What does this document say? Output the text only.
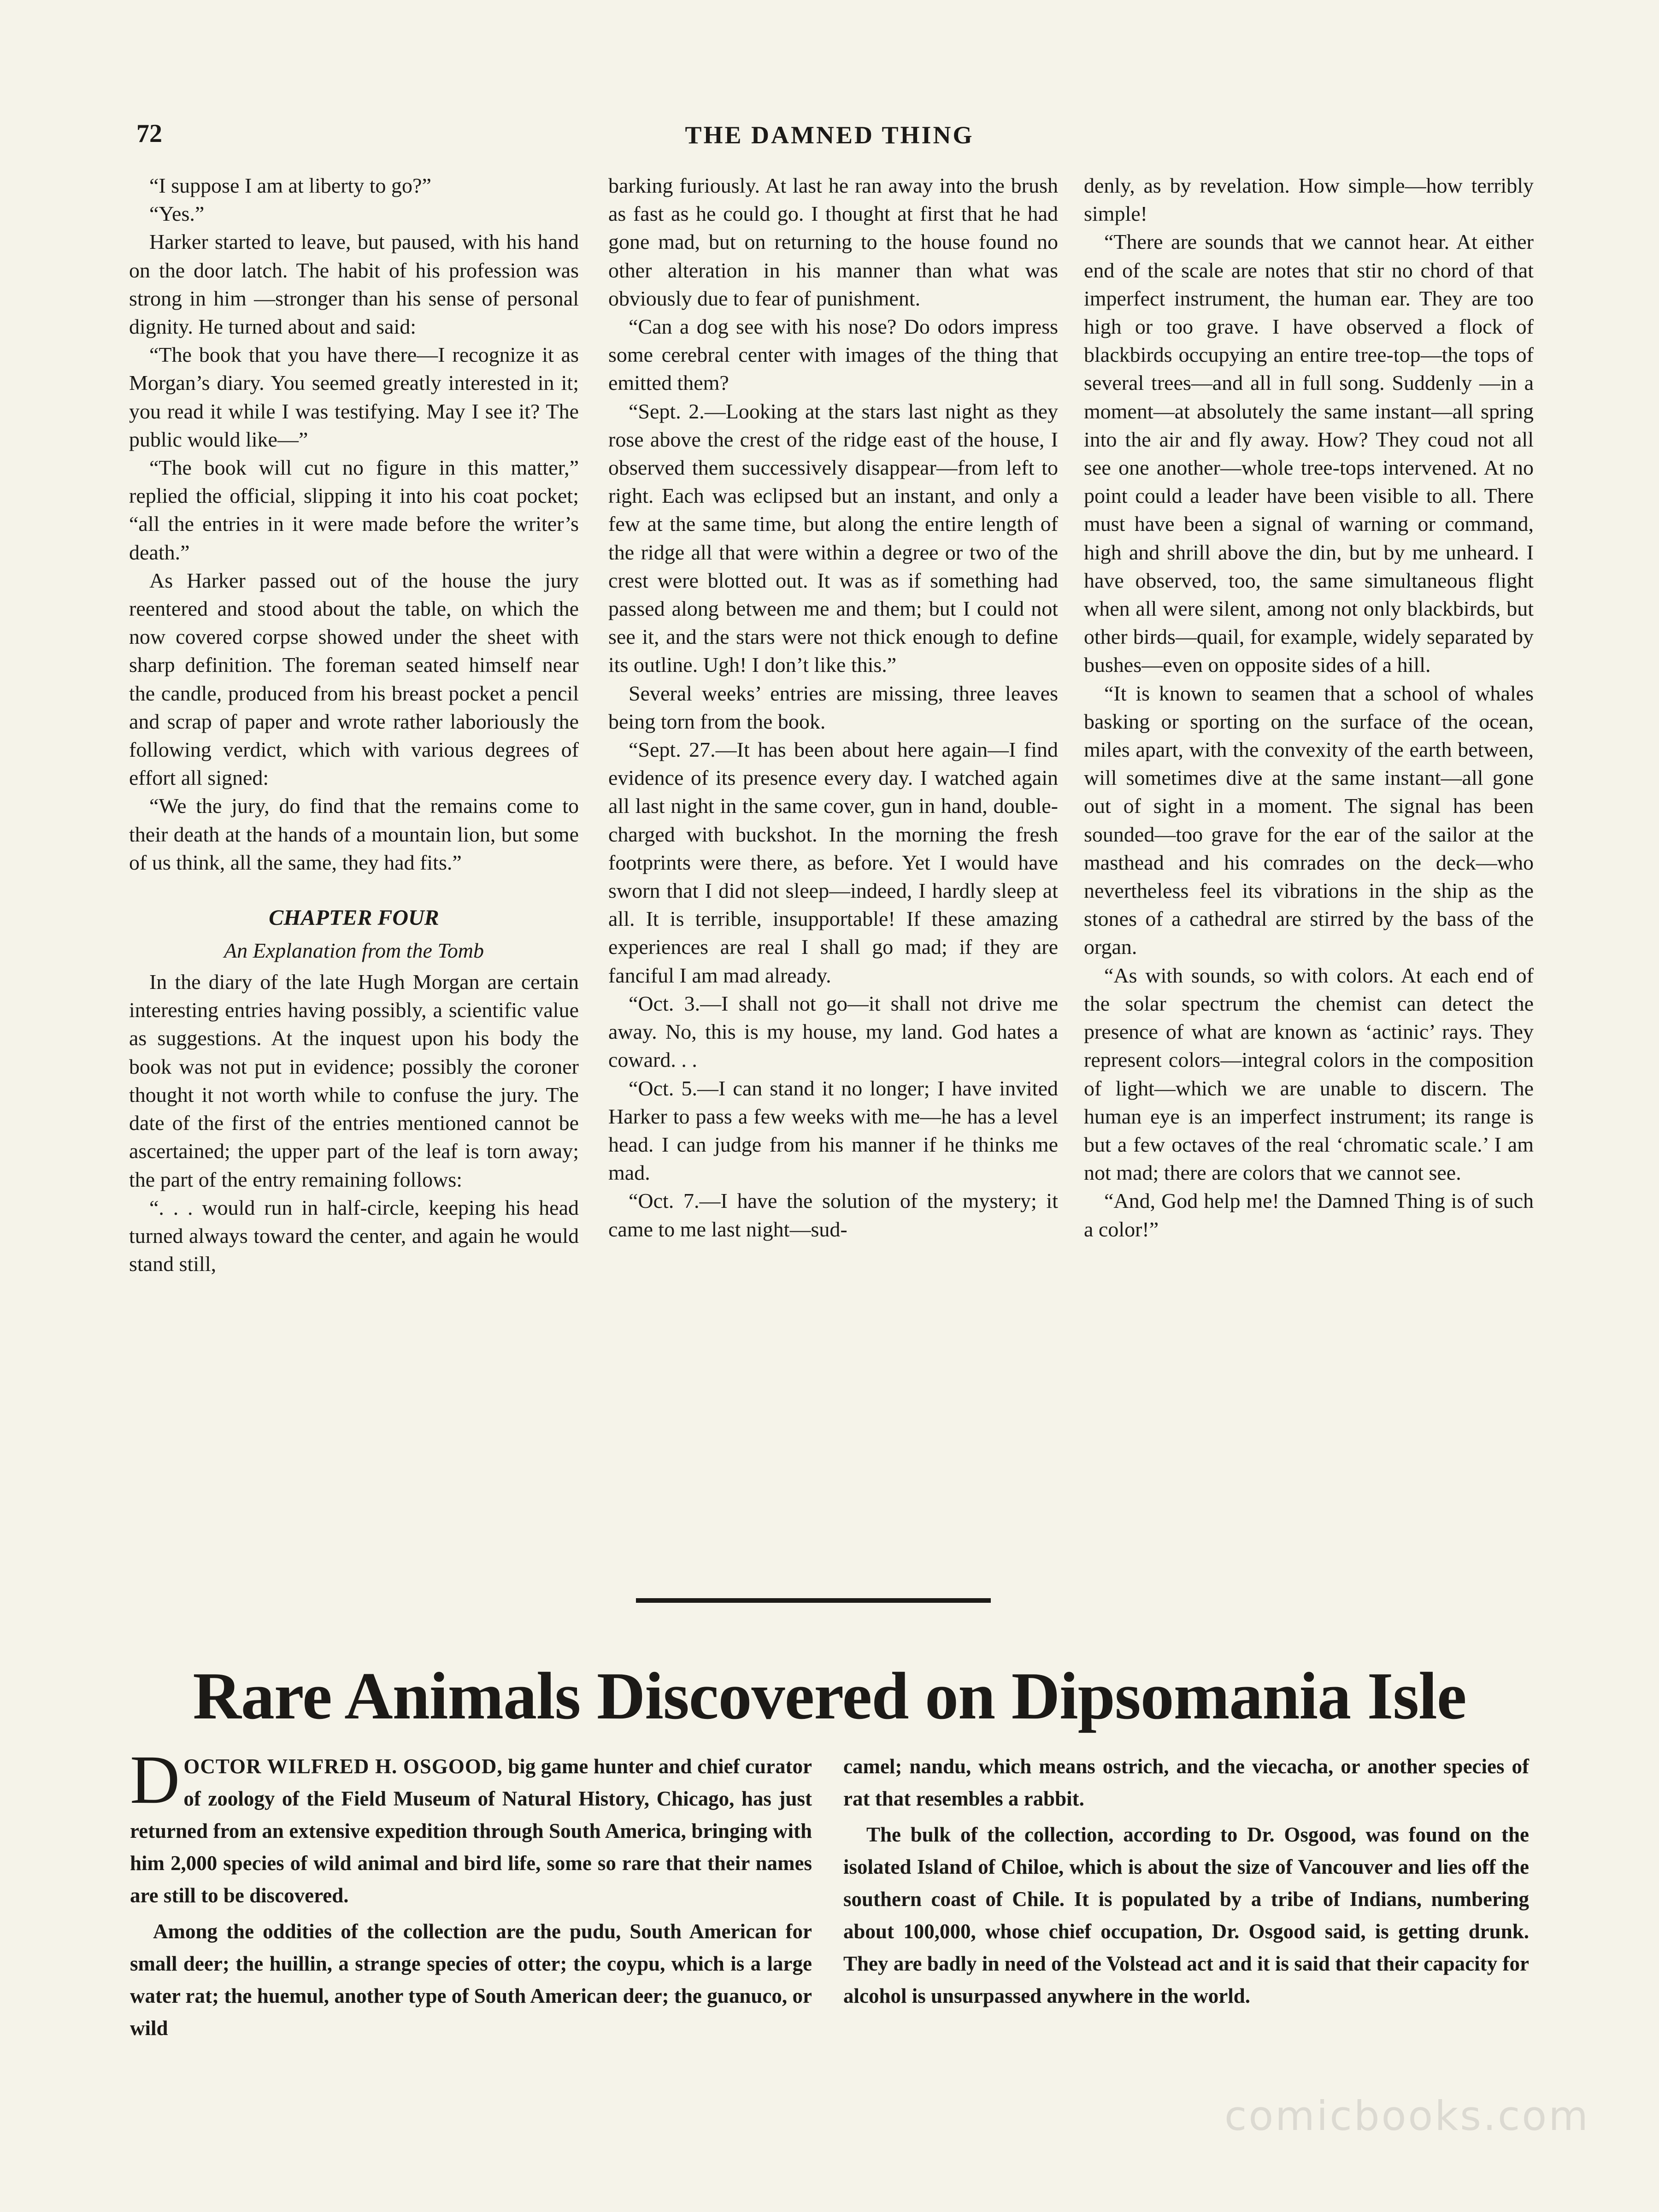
72	THE DAMNED THING

“I suppose I am at liberty to go?”

“Yes.”

Harker started to leave, but paused, with his hand on the door latch. The habit of his profession was strong in him —stronger than his sense of personal dignity. He turned about and said:

“The book that you have there—I recognize it as Morgan’s diary. You seemed greatly interested in it; you read it while I was testifying. May I see it? The public would like—”

“The book will cut no figure in this matter,” replied the official, slipping it into his coat pocket; “all the entries in it were made before the writer’s death.”

As Harker passed out of the house the jury reentered and stood about the table, on which the now covered corpse showed under the sheet with sharp definition. The foreman seated himself near the candle, produced from his breast pocket a pencil and scrap of paper and wrote rather laboriously the following verdict, which with various degrees of effort all signed:

“We the jury, do find that the remains come to their death at the hands of a mountain lion, but some of us think, all the same, they had fits.”

CHAPTER FOUR
An Explanation from the Tomb

In the diary of the late Hugh Morgan are certain interesting entries having possibly, a scientific value as suggestions. At the inquest upon his body the book was not put in evidence; possibly the coroner thought it not worth while to confuse the jury. The date of the first of the entries mentioned cannot be ascertained; the upper part of the leaf is torn away; the part of the entry remaining follows:

“. . . would run in half-circle, keeping his head turned always toward the center, and again he would stand still,

barking furiously. At last he ran away into the brush as fast as he could go. I thought at first that he had gone mad, but on returning to the house found no other alteration in his manner than what was obviously due to fear of punishment.

“Can a dog see with his nose? Do odors impress some cerebral center with images of the thing that emitted them?

“Sept. 2.—Looking at the stars last night as they rose above the crest of the ridge east of the house, I observed them successively disappear—from left to right. Each was eclipsed but an instant, and only a few at the same time, but along the entire length of the ridge all that were within a degree or two of the crest were blotted out. It was as if something had passed along between me and them; but I could not see it, and the stars were not thick enough to define its outline. Ugh! I don’t like this.”

Several weeks’ entries are missing, three leaves being torn from the book.

“Sept. 27.—It has been about here again—I find evidence of its presence every day. I watched again all last night in the same cover, gun in hand, double-charged with buckshot. In the morning the fresh footprints were there, as before. Yet I would have sworn that I did not sleep—indeed, I hardly sleep at all. It is terrible, insupportable! If these amazing experiences are real I shall go mad; if they are fanciful I am mad already.

“Oct. 3.—I shall not go—it shall not drive me away. No, this is my house, my land. God hates a coward. . .

“Oct. 5.—I can stand it no longer; I have invited Harker to pass a few weeks with me—he has a level head. I can judge from his manner if he thinks me mad.

“Oct. 7.—I have the solution of the mystery; it came to me last night—sud-

denly, as by revelation. How simple—how terribly simple!

“There are sounds that we cannot hear. At either end of the scale are notes that stir no chord of that imperfect instrument, the human ear. They are too high or too grave. I have observed a flock of blackbirds occupying an entire tree-top—the tops of several trees—and all in full song. Suddenly —in a moment—at absolutely the same instant—all spring into the air and fly away. How? They coud not all see one another—whole tree-tops intervened. At no point could a leader have been visible to all. There must have been a signal of warning or command, high and shrill above the din, but by me unheard. I have observed, too, the same simultaneous flight when all were silent, among not only blackbirds, but other birds—quail, for example, widely separated by bushes—even on opposite sides of a hill.

“It is known to seamen that a school of whales basking or sporting on the surface of the ocean, miles apart, with the convexity of the earth between, will sometimes dive at the same instant—all gone out of sight in a moment. The signal has been sounded—too grave for the ear of the sailor at the masthead and his comrades on the deck—who nevertheless feel its vibrations in the ship as the stones of a cathedral are stirred by the bass of the organ.

“As with sounds, so with colors. At each end of the solar spectrum the chemist can detect the presence of what are known as ‘actinic’ rays. They represent colors—integral colors in the composition of light—which we are unable to discern. The human eye is an imperfect instrument; its range is but a few octaves of the real ‘chromatic scale.’ I am not mad; there are colors that we cannot see.

“And, God help me! the Damned Thing is of such a color!”

Rare Animals Discovered on Dipsomania Isle

DOCTOR WILFRED H. OSGOOD, big game hunter and chief curator of zoology of the Field Museum of Natural History, Chicago, has just returned from an extensive expedition through South America, bringing with him 2,000 species of wild animal and bird life, some so rare that their names are still to be discovered.

Among the oddities of the collection are the pudu, South American for small deer; the huillin, a strange species of otter; the coypu, which is a large water rat; the huemul, another type of South American deer; the guanuco, or wild

camel; nandu, which means ostrich, and the viecacha, or another species of rat that resembles a rabbit.

The bulk of the collection, according to Dr. Osgood, was found on the isolated Island of Chiloe, which is about the size of Vancouver and lies off the southern coast of Chile. It is populated by a tribe of Indians, numbering about 100,000, whose chief occupation, Dr. Osgood said, is getting drunk. They are badly in need of the Volstead act and it is said that their capacity for alcohol is unsurpassed anywhere in the world.

comicbooks.com
